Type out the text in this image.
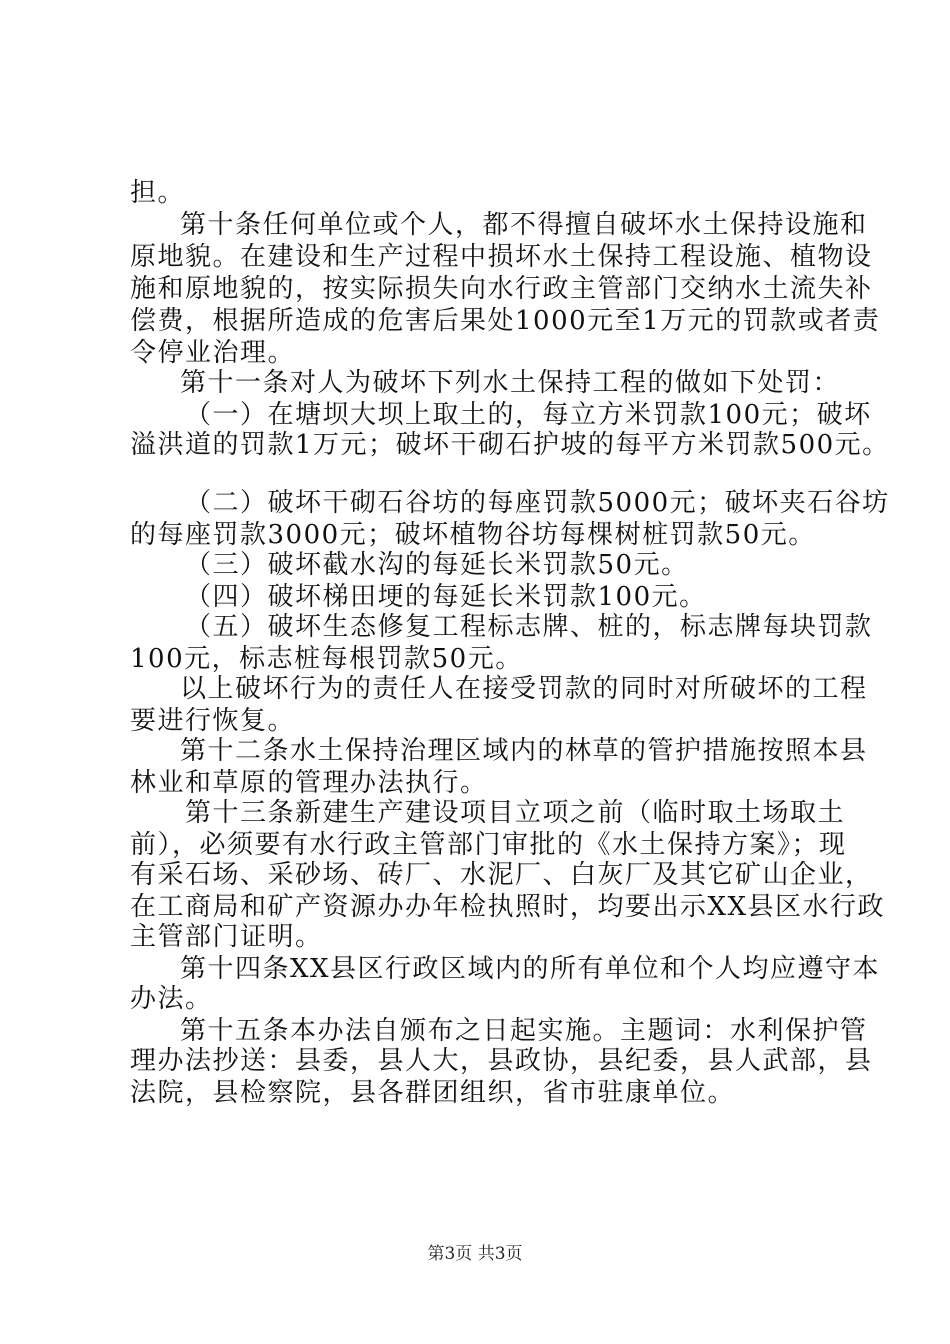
担。
第十条任何单位或个人，都不得擅自破坏水土保持设施和
原地貌。在建设和生产过程中损坏水土保持工程设施、植物设
施和原地貌的，按实际损失向水行政主管部门交纳水土流失补
偿费，根据所造成的危害后果处1000元至1万元的罚款或者责
令停业治理。
第十一条对人为破坏下列水土保持工程的做如下处罚：
（一）在塘坝大坝上取土的，每立方米罚款100元；破坏
溢洪道的罚款1万元；破坏干砌石护坡的每平方米罚款500元。
（二）破坏干砌石谷坊的每座罚款5000元；破坏夹石谷坊
的每座罚款3000元；破坏植物谷坊每棵树桩罚款50元。
（三）破坏截水沟的每延长米罚款50元。
（四）破坏梯田埂的每延长米罚款100元。
（五）破坏生态修复工程标志牌、桩的，标志牌每块罚款
100元，标志桩每根罚款50元。
以上破坏行为的责任人在接受罚款的同时对所破坏的工程
要进行恢复。
第十二条水土保持治理区域内的林草的管护措施按照本县
林业和草原的管理办法执行。
第十三条新建生产建设项目立项之前（临时取土场取土
前），必须要有水行政主管部门审批的《水土保持方案》；现
有采石场、采砂场、砖厂、水泥厂、白灰厂及其它矿山企业，
在工商局和矿产资源办办年检执照时，均要出示XX县区水行政
主管部门证明。
第十四条XX县区行政区域内的所有单位和个人均应遵守本
办法。
第十五条本办法自颁布之日起实施。主题词：水利保护管
理办法抄送：县委，县人大，县政协，县纪委，县人武部，县
法院，县检察院，县各群团组织，省市驻康单位。
第3页 共3页
